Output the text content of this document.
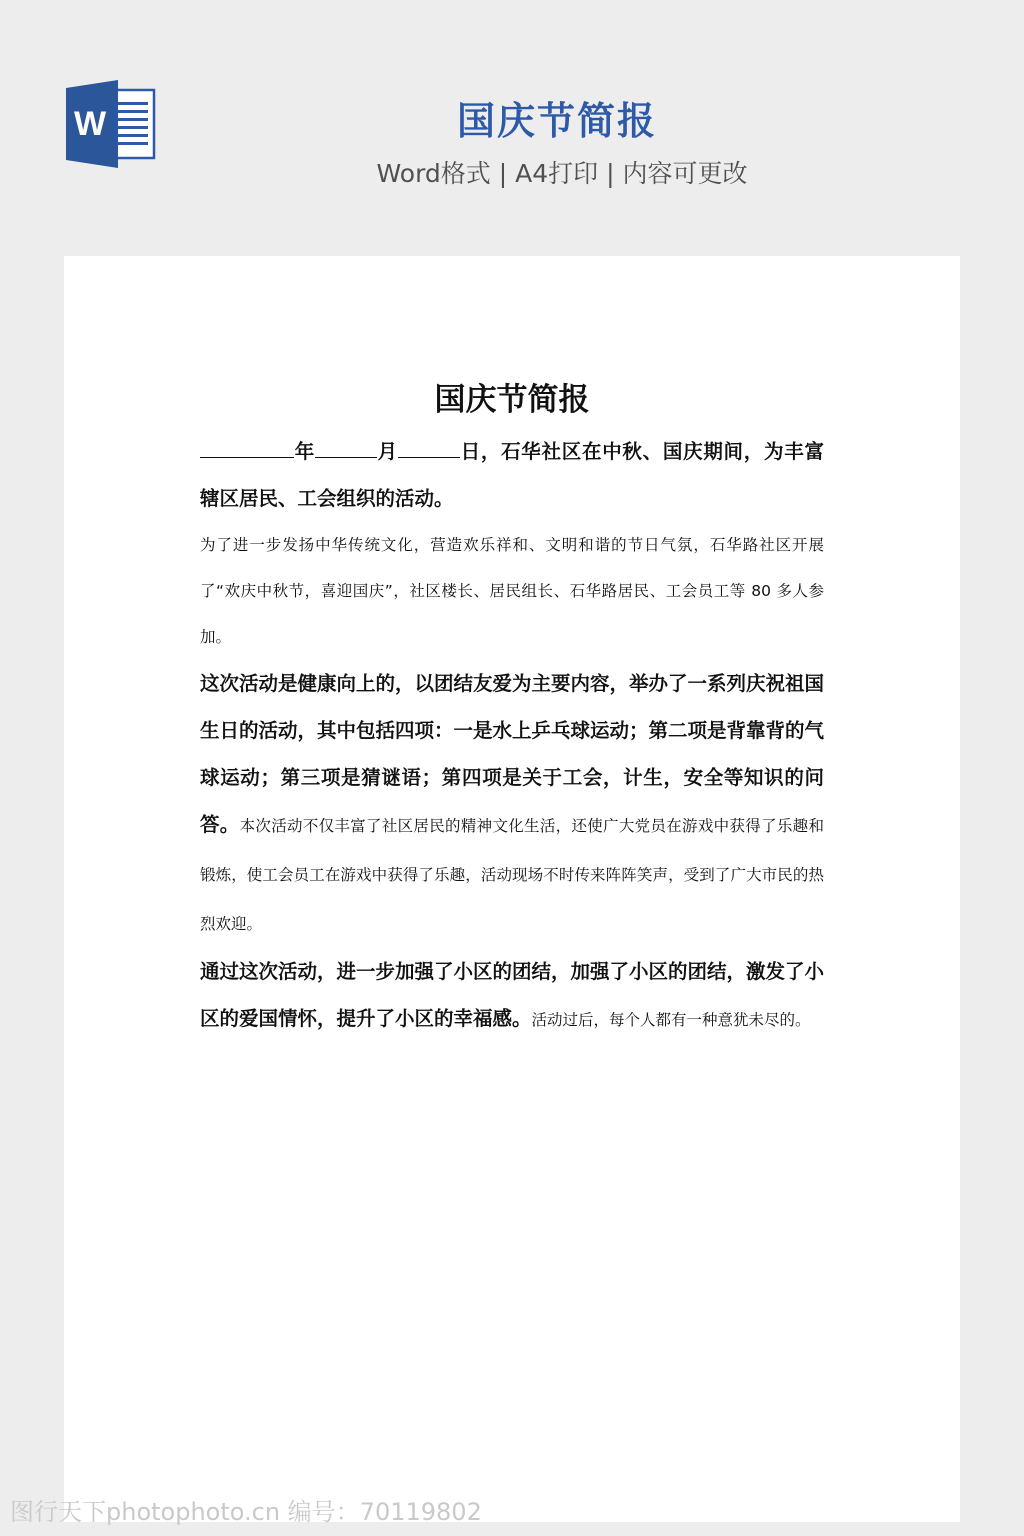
W	国庆节简报
Word格式 | A4打印 | 内容可更改
国庆节简报

年	月	日，石华社区在中秋、国庆期间，为丰富辖区居民、工会组织的活动。

为了进一步发扬中华传统文化，营造欢乐祥和、文明和谐的节日气氛，石华路社区开展了“欢庆中秋节，喜迎国庆”，社区楼长、居民组长、石华路居民、工会员工等 80 多人参加。

这次活动是健康向上的，以团结友爱为主要内容，举办了一系列庆祝祖国生日的活动，其中包括四项：一是水上乒乓球运动；第二项是背靠背的气球运动；第三项是猜谜语；第四项是关于工会，计生，安全等知识的问答。本次活动不仅丰富了社区居民的精神文化生活，还使广大党员在游戏中获得了乐趣和锻炼，使工会员工在游戏中获得了乐趣，活动现场不时传来阵阵笑声，受到了广大市民的热烈欢迎。

通过这次活动，进一步加强了小区的团结，加强了小区的团结，激发了小区的爱国情怀，提升了小区的幸福感。活动过后，每个人都有一种意犹未尽的。

图行天下photophoto.cn 编号：70119802
